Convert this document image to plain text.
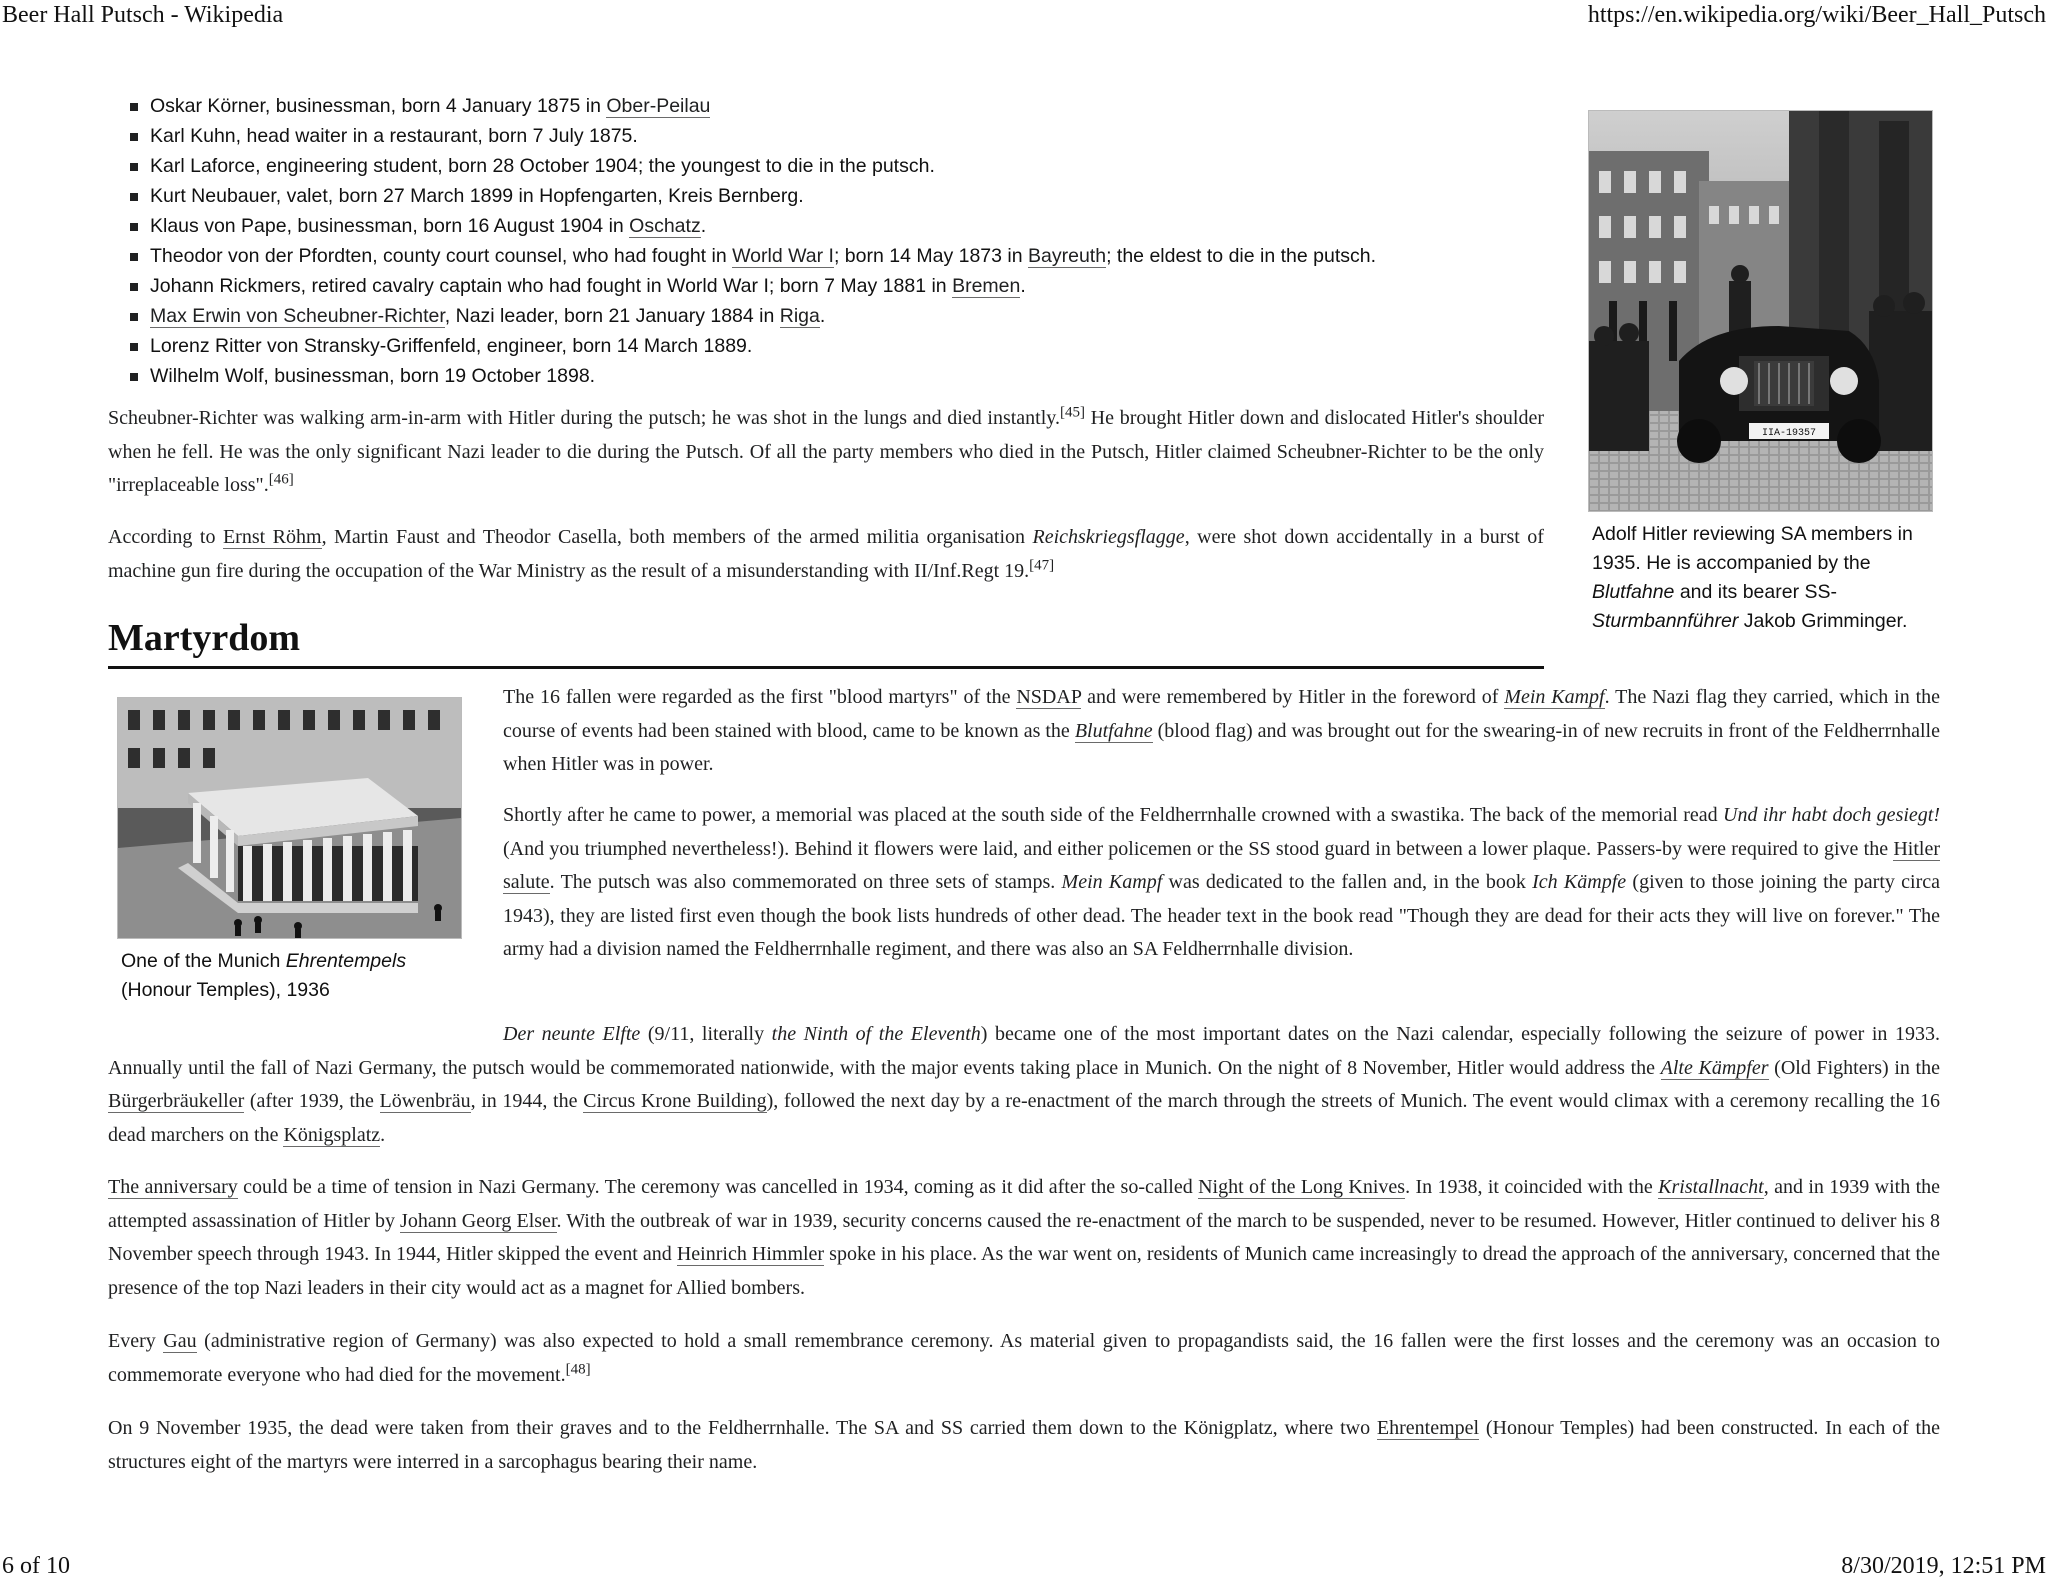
Beer Hall Putsch - Wikipedia	https://en.wikipedia.org/wiki/Beer_Hall_Putsch
6 of 10	8/30/2019, 12:51 PM
Oskar Körner, businessman, born 4 January 1875 in Ober-Peilau
Karl Kuhn, head waiter in a restaurant, born 7 July 1875.
Karl Laforce, engineering student, born 28 October 1904; the youngest to die in the putsch.
Kurt Neubauer, valet, born 27 March 1899 in Hopfengarten, Kreis Bernberg.
Klaus von Pape, businessman, born 16 August 1904 in Oschatz.
Theodor von der Pfordten, county court counsel, who had fought in World War I; born 14 May 1873 in Bayreuth; the eldest to die in the putsch.
Johann Rickmers, retired cavalry captain who had fought in World War I; born 7 May 1881 in Bremen.
Max Erwin von Scheubner-Richter, Nazi leader, born 21 January 1884 in Riga.
Lorenz Ritter von Stransky-Griffenfeld, engineer, born 14 March 1889.
Wilhelm Wolf, businessman, born 19 October 1898.

Scheubner-Richter was walking arm-in-arm with Hitler during the putsch; he was shot in the lungs and died instantly.[45] He brought Hitler down and dislocated Hitler's shoulder when he fell. He was the only significant Nazi leader to die during the Putsch. Of all the party members who died in the Putsch, Hitler claimed Scheubner-Richter to be the only "irreplaceable loss".[46]

According to Ernst Röhm, Martin Faust and Theodor Casella, both members of the armed militia organisation Reichskriegsflagge, were shot down accidentally in a burst of machine gun fire during the occupation of the War Ministry as the result of a misunderstanding with II/Inf.Regt 19.[47]

IIA-19357
Adolf Hitler reviewing SA members in 1935. He is accompanied by the Blutfahne and its bearer SS-Sturmbannführer Jakob Grimminger.
Martyrdom
One of the Munich Ehrentempels (Honour Temples), 1936

The 16 fallen were regarded as the first "blood martyrs" of the NSDAP and were remembered by Hitler in the foreword of Mein Kampf. The Nazi flag they carried, which in the course of events had been stained with blood, came to be known as the Blutfahne (blood flag) and was brought out for the swearing-in of new recruits in front of the Feldherrnhalle when Hitler was in power.

Shortly after he came to power, a memorial was placed at the south side of the Feldherrnhalle crowned with a swastika. The back of the memorial read Und ihr habt doch gesiegt! (And you triumphed nevertheless!). Behind it flowers were laid, and either policemen or the SS stood guard in between a lower plaque. Passers-by were required to give the Hitler salute. The putsch was also commemorated on three sets of stamps. Mein Kampf was dedicated to the fallen and, in the book Ich Kämpfe (given to those joining the party circa 1943), they are listed first even though the book lists hundreds of other dead. The header text in the book read "Though they are dead for their acts they will live on forever." The army had a division named the Feldherrnhalle regiment, and there was also an SA Feldherrnhalle division.

Der neunte Elfte (9/11, literally the Ninth of the Eleventh) became one of the most important dates on the Nazi calendar, especially following the seizure of power in 1933. Annually until the fall of Nazi Germany, the putsch would be commemorated nationwide, with the major events taking place in Munich. On the night of 8 November, Hitler would address the Alte Kämpfer (Old Fighters) in the Bürgerbräukeller (after 1939, the Löwenbräu, in 1944, the Circus Krone Building), followed the next day by a re-enactment of the march through the streets of Munich. The event would climax with a ceremony recalling the 16 dead marchers on the Königsplatz.

The anniversary could be a time of tension in Nazi Germany. The ceremony was cancelled in 1934, coming as it did after the so-called Night of the Long Knives. In 1938, it coincided with the Kristallnacht, and in 1939 with the attempted assassination of Hitler by Johann Georg Elser. With the outbreak of war in 1939, security concerns caused the re-enactment of the march to be suspended, never to be resumed. However, Hitler continued to deliver his 8 November speech through 1943. In 1944, Hitler skipped the event and Heinrich Himmler spoke in his place. As the war went on, residents of Munich came increasingly to dread the approach of the anniversary, concerned that the presence of the top Nazi leaders in their city would act as a magnet for Allied bombers.

Every Gau (administrative region of Germany) was also expected to hold a small remembrance ceremony. As material given to propagandists said, the 16 fallen were the first losses and the ceremony was an occasion to commemorate everyone who had died for the movement.[48]

On 9 November 1935, the dead were taken from their graves and to the Feldherrnhalle. The SA and SS carried them down to the Königplatz, where two Ehrentempel (Honour Temples) had been constructed. In each of the structures eight of the martyrs were interred in a sarcophagus bearing their name.
